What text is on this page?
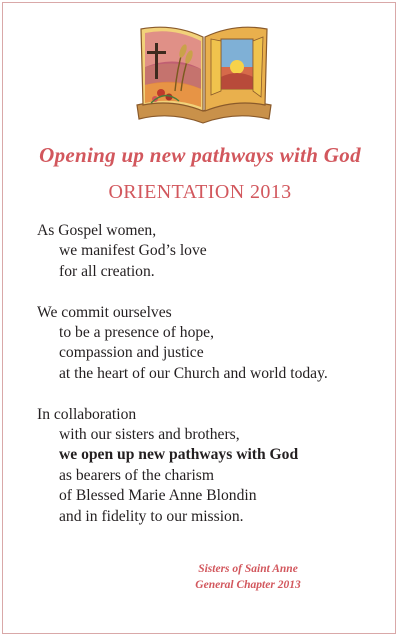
Opening up new pathways with God
ORIENTATION 2013

As Gospel women,
we manifest God’s love
for all creation.

We commit ourselves
to be a presence of hope,
compassion and justice
at the heart of our Church and world today.

In collaboration
with our sisters and brothers,
we open up new pathways with God
as bearers of the charism
of Blessed Marie Anne Blondin
and in fidelity to our mission.

Sisters of Saint Anne
General Chapter 2013
